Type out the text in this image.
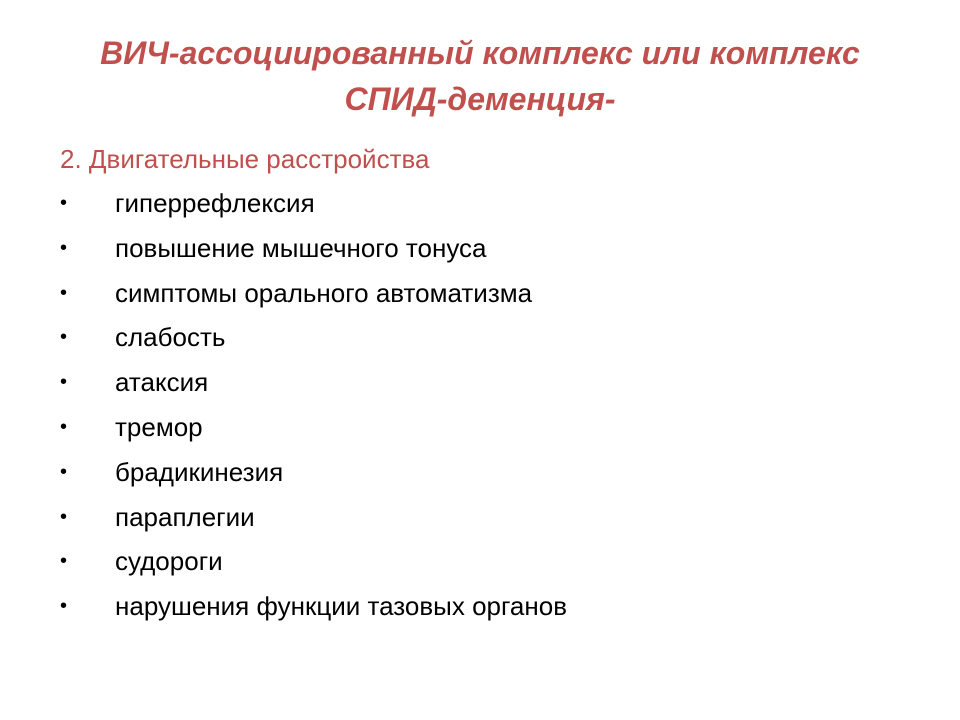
ВИЧ-ассоциированный комплекс или комплекс
СПИД-деменция-
2. Двигательные расстройства
• гиперрефлексия
• повышение мышечного тонуса
• симптомы орального автоматизма
• слабость
• атаксия
• тремор
• брадикинезия
• параплегии
• судороги
• нарушения функции тазовых органов
